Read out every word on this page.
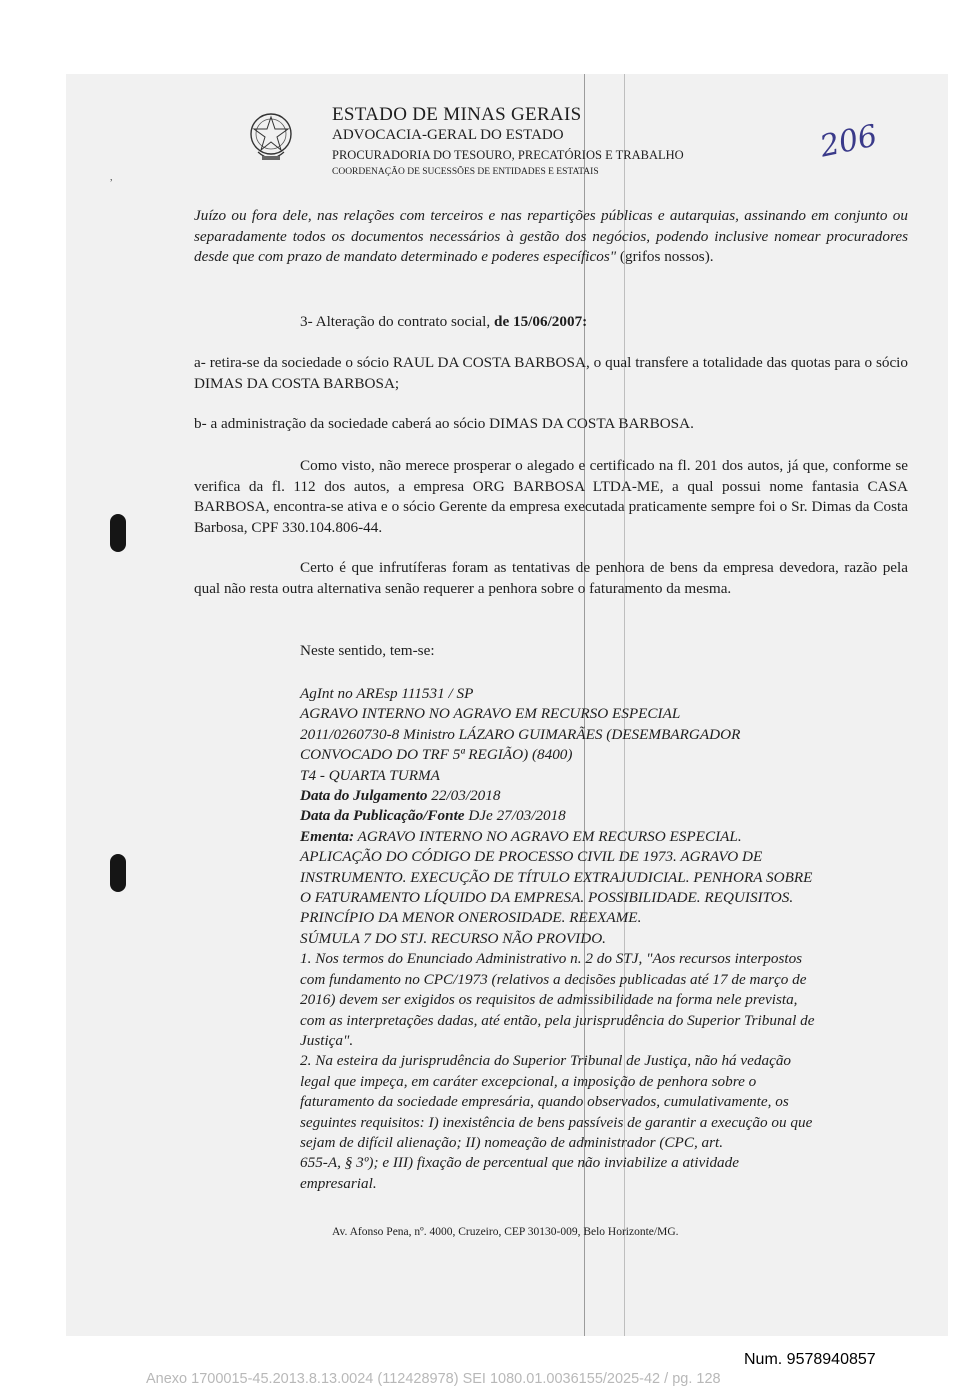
ESTADO DE MINAS GERAIS
ADVOCACIA-GERAL DO ESTADO
PROCURADORIA DO TESOURO, PRECATÓRIOS E TRABALHO
COORDENAÇÃO DE SUCESSÕES DE ENTIDADES E ESTATAIS
206
,

Juízo ou fora dele, nas relações com terceiros e nas repartições públicas e autarquias, assinando em conjunto ou separadamente todos os documentos necessários à gestão dos negócios, podendo inclusive nomear procuradores desde que com prazo de mandato determinado e poderes específicos" (grifos nossos).

3- Alteração do contrato social, de 15/06/2007:
a- retira-se da sociedade o sócio RAUL DA COSTA BARBOSA, o qual transfere a totalidade das quotas para o sócio DIMAS DA COSTA BARBOSA;
b- a administração da sociedade caberá ao sócio DIMAS DA COSTA BARBOSA.
Como visto, não merece prosperar o alegado e certificado na fl. 201 dos autos, já que, conforme se verifica da fl. 112 dos autos, a empresa ORG BARBOSA LTDA-ME, a qual possui nome fantasia CASA BARBOSA, encontra-se ativa e o sócio Gerente da empresa executada praticamente sempre foi o Sr. Dimas da Costa Barbosa, CPF 330.104.806-44.
Certo é que infrutíferas foram as tentativas de penhora de bens da empresa devedora, razão pela qual não resta outra alternativa senão requerer a penhora sobre o faturamento da mesma.
Neste sentido, tem-se:
AgInt no AREsp 111531 / SP
AGRAVO INTERNO NO AGRAVO EM RECURSO ESPECIAL
2011/0260730-8 Ministro LÁZARO GUIMARÃES (DESEMBARGADOR
CONVOCADO DO TRF 5ª REGIÃO) (8400)
T4 - QUARTA TURMA
Data do Julgamento 22/03/2018
Data da Publicação/Fonte DJe 27/03/2018
Ementa: AGRAVO INTERNO NO AGRAVO EM RECURSO ESPECIAL.
APLICAÇÃO DO CÓDIGO DE PROCESSO CIVIL DE 1973. AGRAVO DE
INSTRUMENTO. EXECUÇÃO DE TÍTULO EXTRAJUDICIAL. PENHORA SOBRE
O FATURAMENTO LÍQUIDO DA EMPRESA. POSSIBILIDADE. REQUISITOS.
PRINCÍPIO DA MENOR ONEROSIDADE. REEXAME.
SÚMULA 7 DO STJ. RECURSO NÃO PROVIDO.
1. Nos termos do Enunciado Administrativo n. 2 do STJ, "Aos recursos interpostos
com fundamento no CPC/1973 (relativos a decisões publicadas até 17 de março de
2016) devem ser exigidos os requisitos de admissibilidade na forma nele prevista,
com as interpretações dadas, até então, pela jurisprudência do Superior Tribunal de
Justiça".
2. Na esteira da jurisprudência do Superior Tribunal de Justiça, não há vedação
legal que impeça, em caráter excepcional, a imposição de penhora sobre o
faturamento da sociedade empresária, quando observados, cumulativamente, os
seguintes requisitos: I) inexistência de bens passíveis de garantir a execução ou que
sejam de difícil alienação; II) nomeação de administrador (CPC, art.
655-A, § 3º); e III) fixação de percentual que não inviabilize a atividade
empresarial.
Av. Afonso Pena, nº. 4000, Cruzeiro, CEP 30130-009, Belo Horizonte/MG.
Num. 9578940857
Anexo 1700015-45.2013.8.13.0024 (112428978) SEI 1080.01.0036155/2025-42 / pg. 128
